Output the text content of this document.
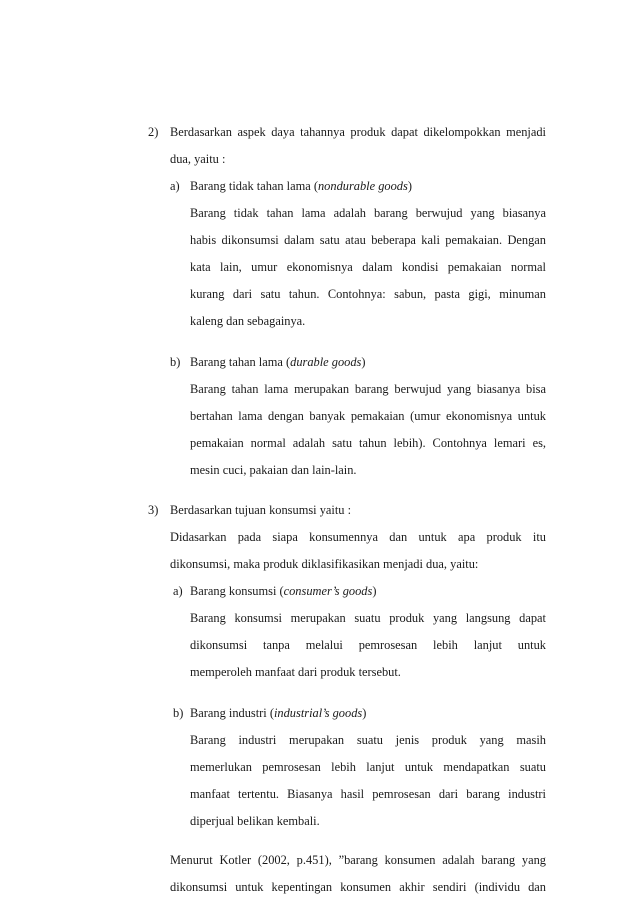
2) Berdasarkan aspek daya tahannya produk dapat dikelompokkan menjadi
dua, yaitu :
a) Barang tidak tahan lama (nondurable goods)
Barang tidak tahan lama adalah barang berwujud yang biasanya
habis dikonsumsi dalam satu atau beberapa kali pemakaian. Dengan
kata lain, umur ekonomisnya dalam kondisi pemakaian normal
kurang dari satu tahun. Contohnya: sabun, pasta gigi, minuman
kaleng dan sebagainya.
b) Barang tahan lama (durable goods)
Barang tahan lama merupakan barang berwujud yang biasanya bisa
bertahan lama dengan banyak pemakaian (umur ekonomisnya untuk
pemakaian normal adalah satu tahun lebih). Contohnya lemari es,
mesin cuci, pakaian dan lain-lain.
3) Berdasarkan tujuan konsumsi yaitu :
Didasarkan pada siapa konsumennya dan untuk apa produk itu
dikonsumsi, maka produk diklasifikasikan menjadi dua, yaitu:
a) Barang konsumsi (consumer’s goods)
Barang konsumsi merupakan suatu produk yang langsung dapat
dikonsumsi tanpa melalui pemrosesan lebih lanjut untuk
memperoleh manfaat dari produk tersebut.
b) Barang industri (industrial’s goods)
Barang industri merupakan suatu jenis produk yang masih
memerlukan pemrosesan lebih lanjut untuk mendapatkan suatu
manfaat tertentu. Biasanya hasil pemrosesan dari barang industri
diperjual belikan kembali.
Menurut Kotler (2002, p.451), ”barang konsumen adalah barang yang
dikonsumsi untuk kepentingan konsumen akhir sendiri (individu dan
